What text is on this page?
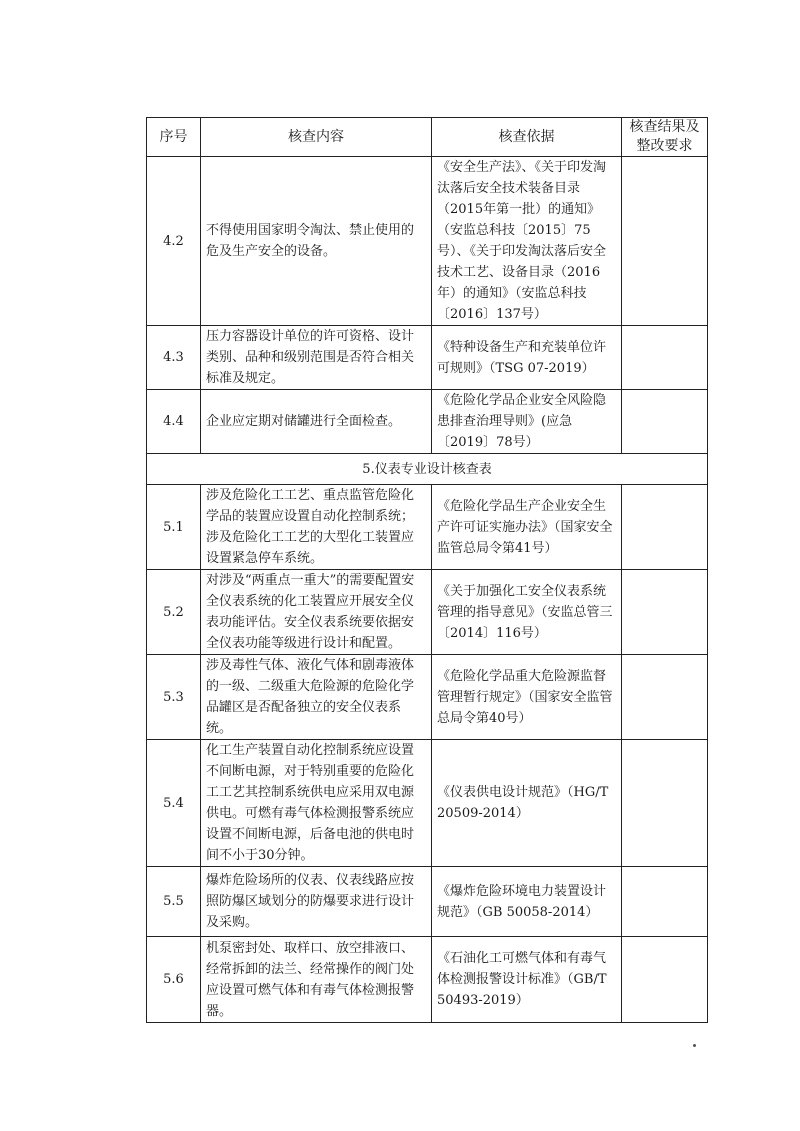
序号	核查内容	核查依据	核查结果及整改要求
4.2	不得使用国家明令淘汰、禁止使用的危及生产安全的设备。	《安全生产法》、《关于印发淘汰落后安全技术装备目录（2015年第一批）的通知》（安监总科技〔2015〕75号）、《关于印发淘汰落后安全技术工艺、设备目录（2016年）的通知》（安监总科技〔2016〕137号）	
4.3	压力容器设计单位的许可资格、设计类别、品种和级别范围是否符合相关标准及规定。	《特种设备生产和充装单位许可规则》（TSG 07-2019）	
4.4	企业应定期对储罐进行全面检查。	《危险化学品企业安全风险隐患排查治理导则》(应急〔2019〕78号）	
5.仪表专业设计核查表			
5.1	涉及危险化工工艺、重点监管危险化学品的装置应设置自动化控制系统；涉及危险化工工艺的大型化工装置应设置紧急停车系统。	《危险化学品生产企业安全生产许可证实施办法》（国家安全监管总局令第41号）	
5.2	对涉及“两重点一重大”的需要配置安全仪表系统的化工装置应开展安全仪表功能评估。安全仪表系统要依据安全仪表功能等级进行设计和配置。	《关于加强化工安全仪表系统管理的指导意见》（安监总管三〔2014〕116号）	
5.3	涉及毒性气体、液化气体和剧毒液体的一级、二级重大危险源的危险化学品罐区是否配备独立的安全仪表系统。	《危险化学品重大危险源监督管理暂行规定》（国家安全监管总局令第40号）	
5.4	化工生产装置自动化控制系统应设置不间断电源，对于特别重要的危险化工工艺其控制系统供电应采用双电源供电。可燃有毒气体检测报警系统应设置不间断电源，后备电池的供电时间不小于30分钟。	《仪表供电设计规范》（HG/T 20509-2014）	
5.5	爆炸危险场所的仪表、仪表线路应按照防爆区域划分的防爆要求进行设计及采购。	《爆炸危险环境电力装置设计规范》（GB 50058-2014）	
5.6	机泵密封处、取样口、放空排液口、经常拆卸的法兰、经常操作的阀门处应设置可燃气体和有毒气体检测报警器。	《石油化工可燃气体和有毒气体检测报警设计标准》（GB/T 50493-2019）	
